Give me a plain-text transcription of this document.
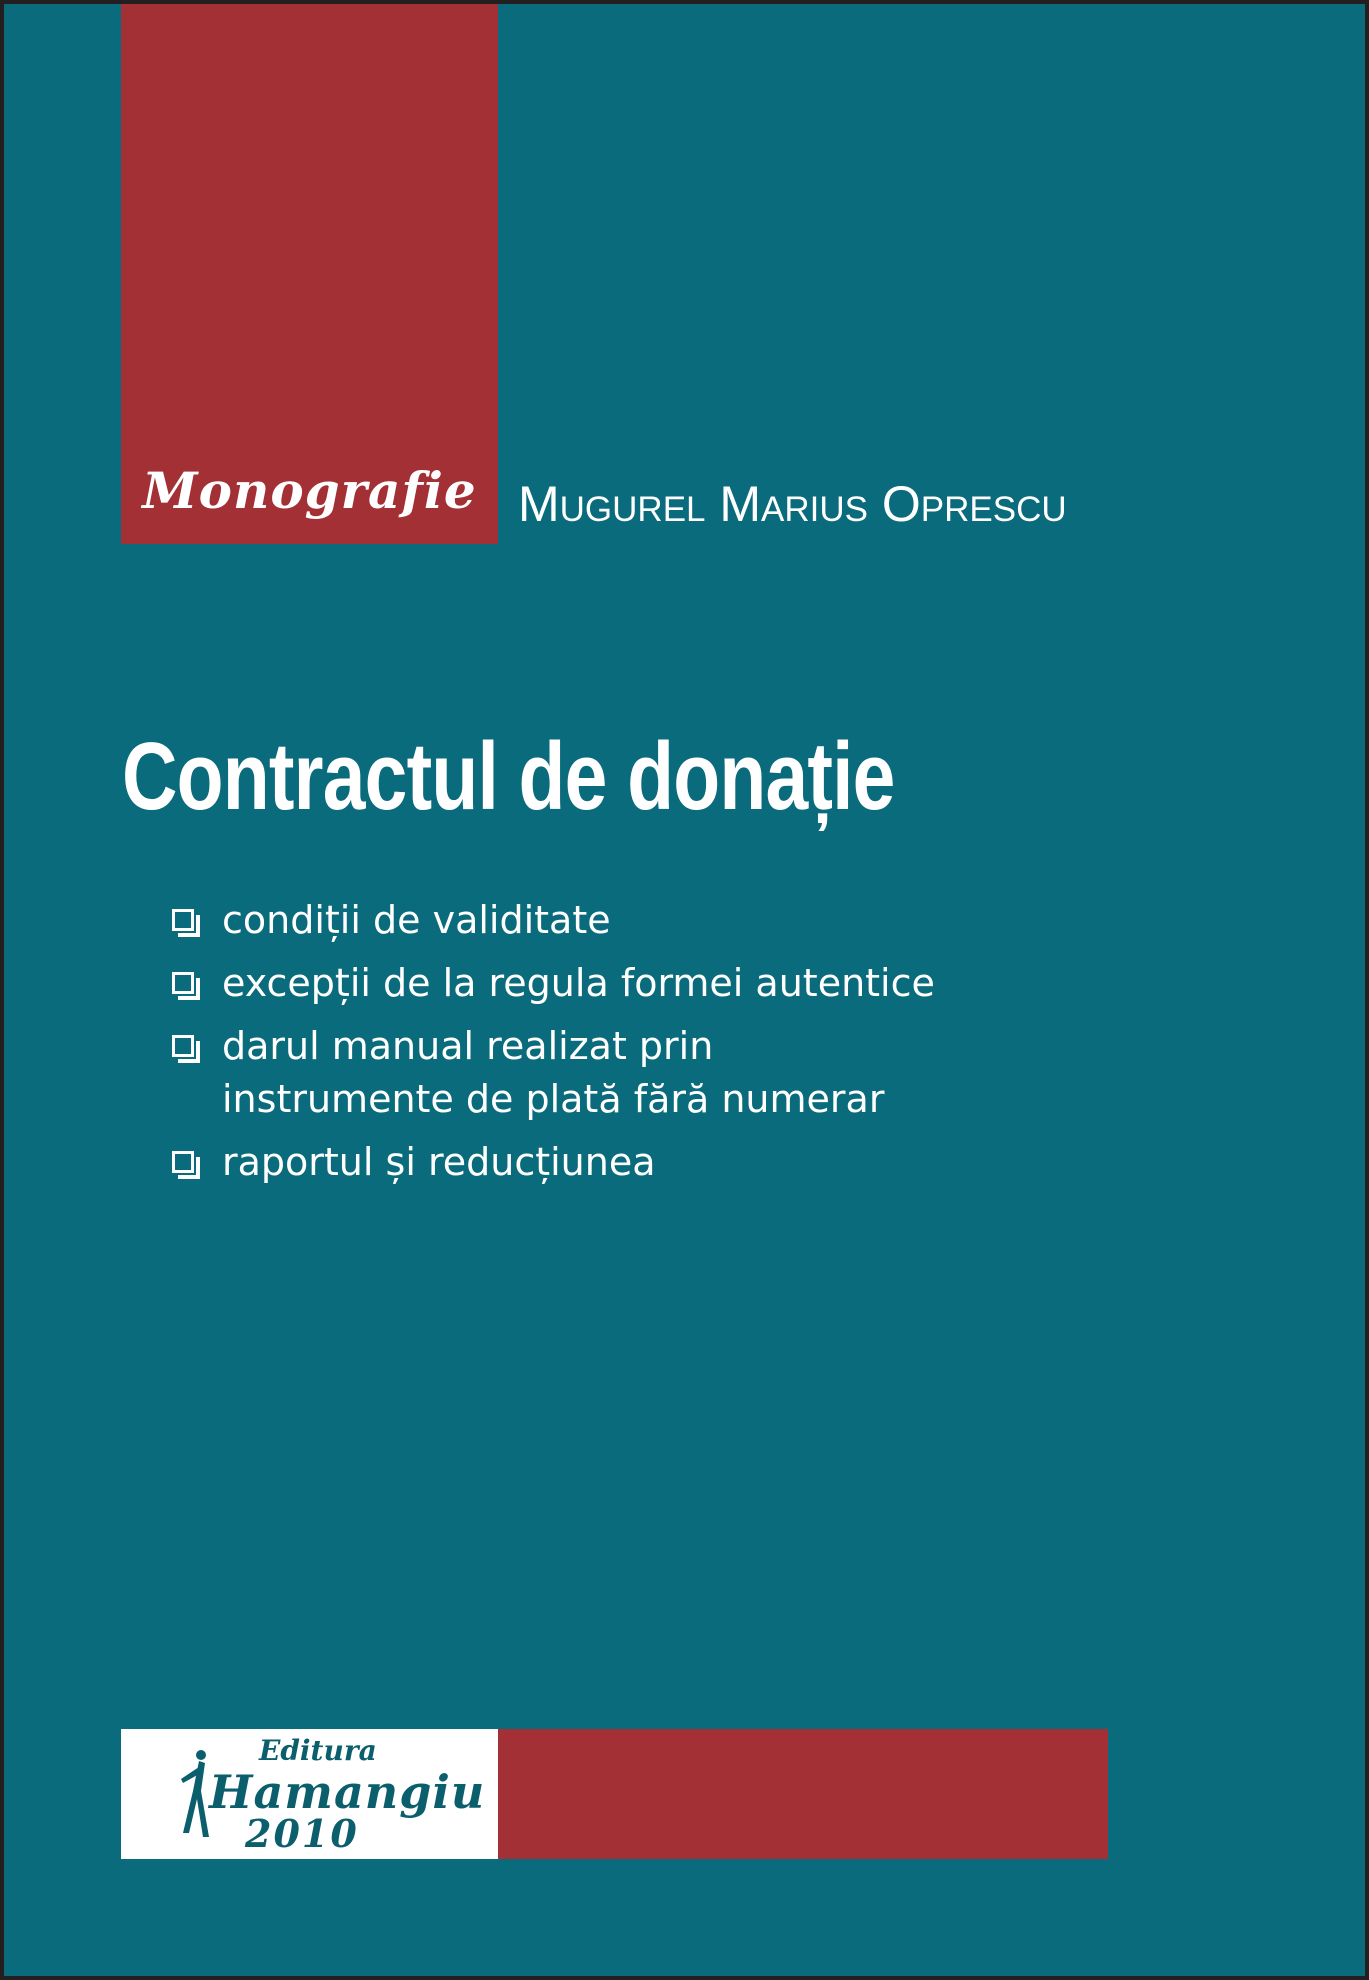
Monografie Mugurel Marius Oprescu
Contractul de donație
condiții de validitate
excepții de la regula formei autentice
darul manual realizat prin
instrumente de plată fără numerar
raportul și reducțiunea
Editura
Hamangiu
2010
